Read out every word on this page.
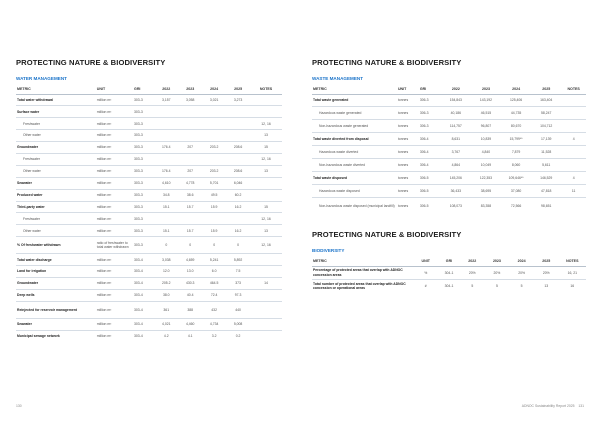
PROTECTING NATURE & BIODIVERSITY
WATER MANAGEMENT
METRIC	UNIT	GRI	2022	2023	2024	2025	NOTES
Total water withdrawal	million m³	303-3	3,157	3,058	3,021	3,273	
Surface water	million m³	303-3					
Freshwater	million m³	303-3					12, 16
Other water	million m³	303-3					13
Groundwater	million m³	303-3	176.4	207	203.2	208.6	15
Freshwater	million m³	303-3					12, 16
Other water	million m³	303-3	176.4	207	203.2	208.6	13
Seawater	million m³	303-3	4,610	4,778	5,701	6,046	
Produced water	million m³	303-3	34.8	38.6	49.5	60.2	
Third-party water	million m³	303-3	15.1	15.7	15.9	16.2	15
Freshwater	million m³	303-3					12, 16
Other water	million m³	303-3	15.1	15.7	15.9	16.2	13
% Of freshwater withdrawn	ratio of freshwater to total water withdrawn	303-3	0	0	0	0	12, 16
Total water discharge	million m³	303-4	3,038	4,659	5,241	5,892	
Land for irrigation	million m³	303-4	12.0	13.0	6.0	7.5	
Groundwater	million m³	303-4	205.2	430.3	464.5	373	14
Deep wells	million m³	303-4	38.0	40.4	72.4	97.3	
Reinjected for reservoir management	million m³	303-4	361	388	432	440	
Seawater	million m³	303-4	4,021	4,460	4,734	5,008	
Municipal sewage network	million m³	303-4	4.2	4.1	3.2	0.2	
PROTECTING NATURE & BIODIVERSITY
WASTE MANAGEMENT
METRIC	UNIT	GRI	2022	2023	2024	2025	NOTES
Total waste generated	tonnes	306-3	154,843	143,192	125,406	163,404	
Hazardous waste generated	tonnes	306-3	40,186	46,515	44,735	58,247	
Non-hazardous waste generated	tonnes	306-3	114,757	96,807	80,670	104,712	
Total waste diverted from disposal	tonnes	306-4	8,631	10,839	15,799**	17,139	4
Hazardous waste diverted	tonnes	306-4	3,767	4,840	7,879	11,528	
Non-hazardous waste diverted	tonnes	306-4	4,864	10,049	8,060	5,611	
Total waste disposed	tonnes	306-5	145,206	122,353	109,646**	146,529	4
Hazardous waste disposed	tonnes	306-5	36,433	38,695	37,080	47,818	11
Non-hazardous waste disposed (municipal landfill)	tonnes	306-5	108,073	83,358	72,566	98,651	
PROTECTING NATURE & BIODIVERSITY
BIODIVERSITY
METRIC	UNIT	GRI	2022	2023	2024	2025	NOTES
Percentage of protected areas that overlap with ADNOC concession areas	%	304-1	20%	20%	20%	20%	16, 21
Total number of protected areas that overlap with ADNOC concession or operational areas	#	304-1	5	5	5	13	16
130	ADNOC Sustainability Report 2025 131
